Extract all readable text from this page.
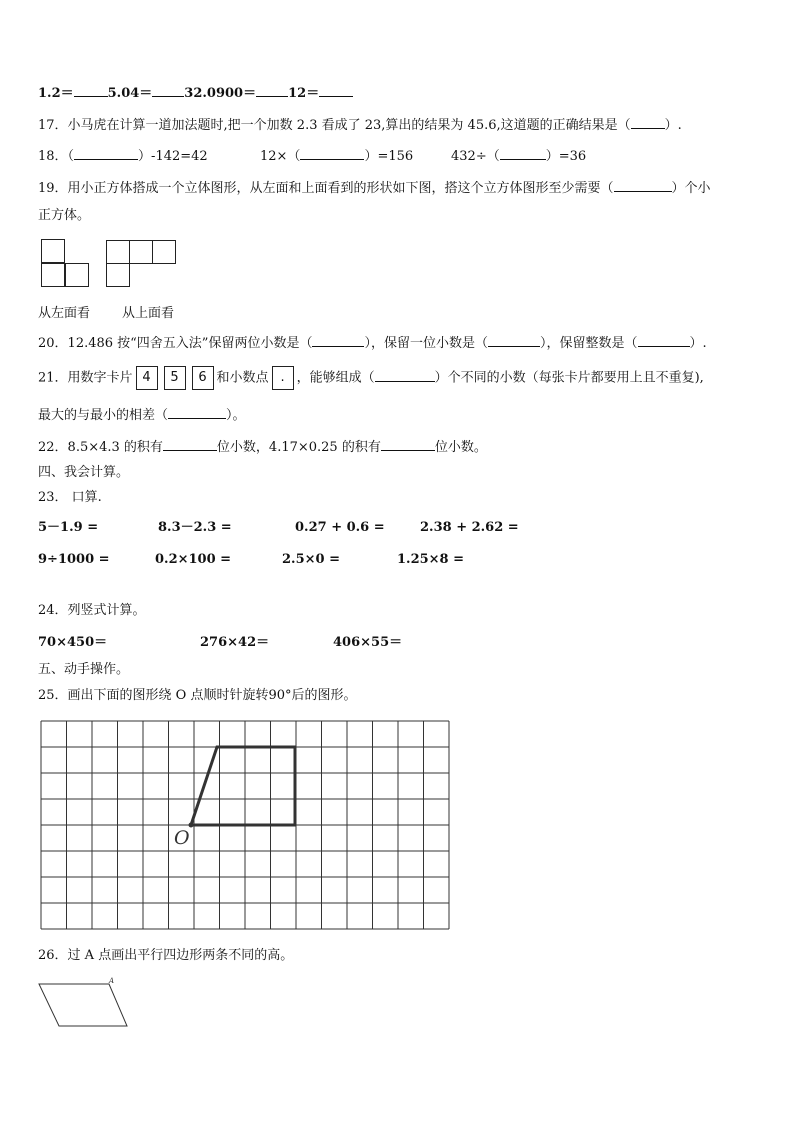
1.2＝	5.04＝ 32.0900＝ 12＝
17．小马虎在计算一道加法题时,把一个加数 2.3 看成了 23,算出的结果为 45.6,这道题的正确结果是（	）.
18．（	）-142=42	12×（	）=156	432÷（	）=36
19．用小正方体搭成一个立体图形，从左面和上面看到的形状如下图，搭这个立方体图形至少需要（	）个小
正方体。
从左面看 从上面看
20．12.486 按“四舍五入法”保留两位小数是（	），保留一位小数是（	），保留整数是（	）.
21．用数字卡片 4 5 6 和小数点 . ，能够组成（	）个不同的小数（每张卡片都要用上且不重复),
最大的与最小的相差（	）。
22．8.5×4.3 的积有	位小数，4.17×0.25 的积有	位小数。
四、我会计算。
23． 口算.
5－1.9 =	8.3－2.3 =	0.27 + 0.6 =	2.38 + 2.62 =
9÷1000 =	0.2×100 =	2.5×0 =	1.25×8 =
24．列竖式计算。
70×450＝	276×42＝	406×55＝
五、动手操作。
25．画出下面的图形绕 O 点顺时针旋转90°后的图形。
O
26．过 A 点画出平行四边形两条不同的高。
A
